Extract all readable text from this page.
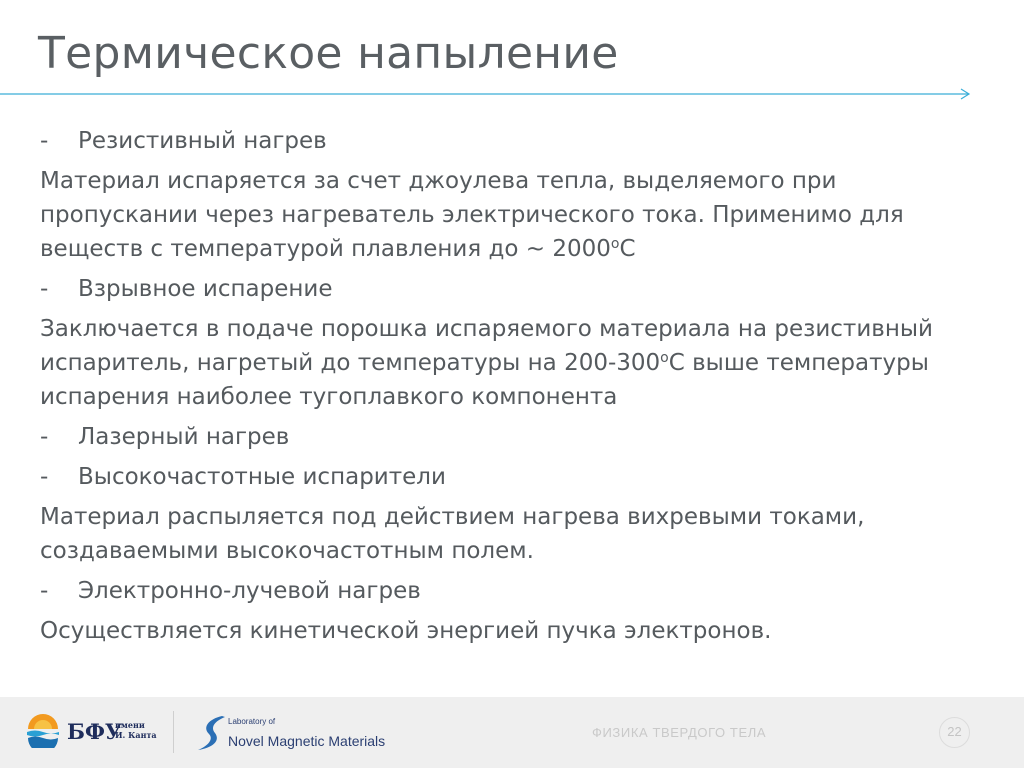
Термическое напыление
-	Резистивный нагрев
Материал испаряется за счет джоулева тепла, выделяемого при пропускании через нагреватель электрического тока. Применимо для веществ с температурой плавления до ~ $2000^оС$
-	Взрывное испарение
Заключается в подаче порошка испаряемого материала на резистивный испаритель, нагретый до температуры на $200-300^оС$ выше температуры испарения наиболее тугоплавкого компонента
-	Лазерный нагрев
-	Высокочастотные испарители
Материал распыляется под действием нагрева вихревыми токами, создаваемыми высокочастотным полем.
-	Электронно-лучевой нагрев
Осуществляется кинетической энергией пучка электронов.
БФУ
имени
И. Канта
Laboratory of
Novel Magnetic Materials
ФИЗИКА ТВЕРДОГО ТЕЛА	22
